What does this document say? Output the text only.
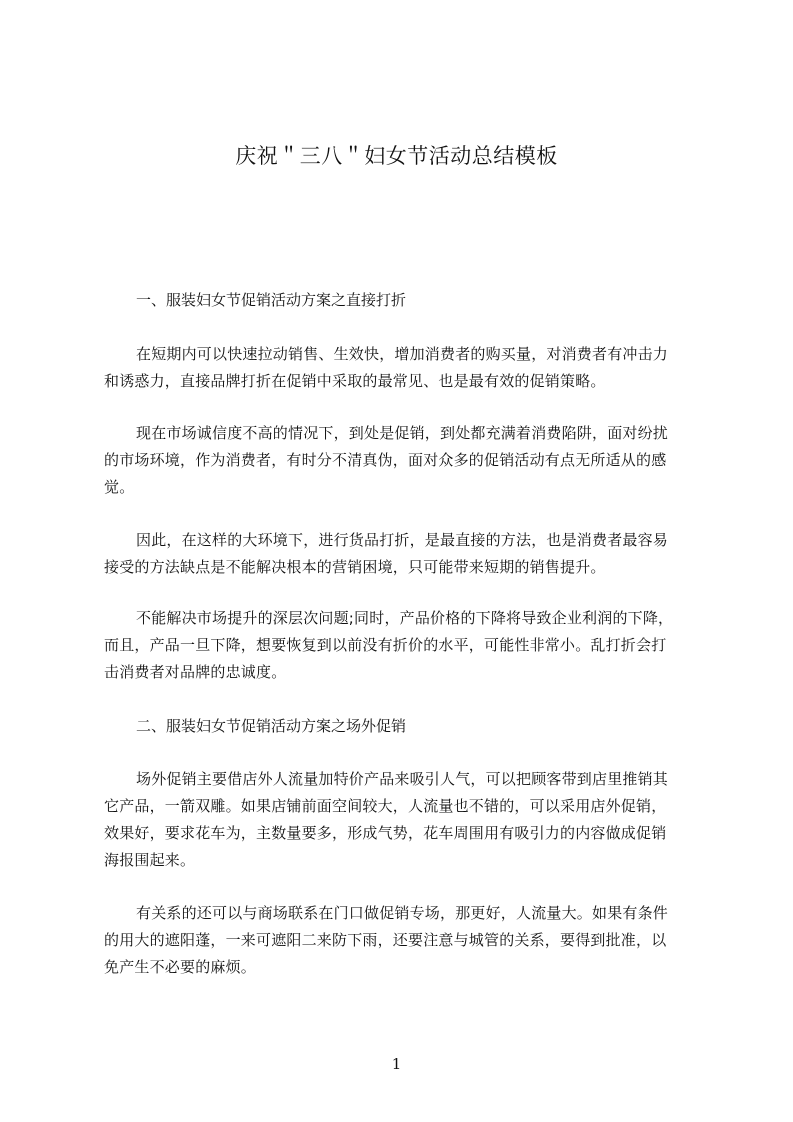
庆祝＂三八＂妇女节活动总结模板
一、服装妇女节促销活动方案之直接打折
在短期内可以快速拉动销售、生效快，增加消费者的购买量，对消费者有冲击力
和诱惑力，直接品牌打折在促销中采取的最常见、也是最有效的促销策略。
现在市场诚信度不高的情况下，到处是促销，到处都充满着消费陷阱，面对纷扰
的市场环境，作为消费者，有时分不清真伪，面对众多的促销活动有点无所适从的感
觉。
因此，在这样的大环境下，进行货品打折，是最直接的方法，也是消费者最容易
接受的方法缺点是不能解决根本的营销困境，只可能带来短期的销售提升。
不能解决市场提升的深层次问题;同时，产品价格的下降将导致企业利润的下降，
而且，产品一旦下降，想要恢复到以前没有折价的水平，可能性非常小。乱打折会打
击消费者对品牌的忠诚度。
二、服装妇女节促销活动方案之场外促销
场外促销主要借店外人流量加特价产品来吸引人气，可以把顾客带到店里推销其
它产品，一箭双雕。如果店铺前面空间较大，人流量也不错的，可以采用店外促销，
效果好，要求花车为，主数量要多，形成气势，花车周围用有吸引力的内容做成促销
海报围起来。
有关系的还可以与商场联系在门口做促销专场，那更好，人流量大。如果有条件
的用大的遮阳蓬，一来可遮阳二来防下雨，还要注意与城管的关系，要得到批准，以
免产生不必要的麻烦。
1
